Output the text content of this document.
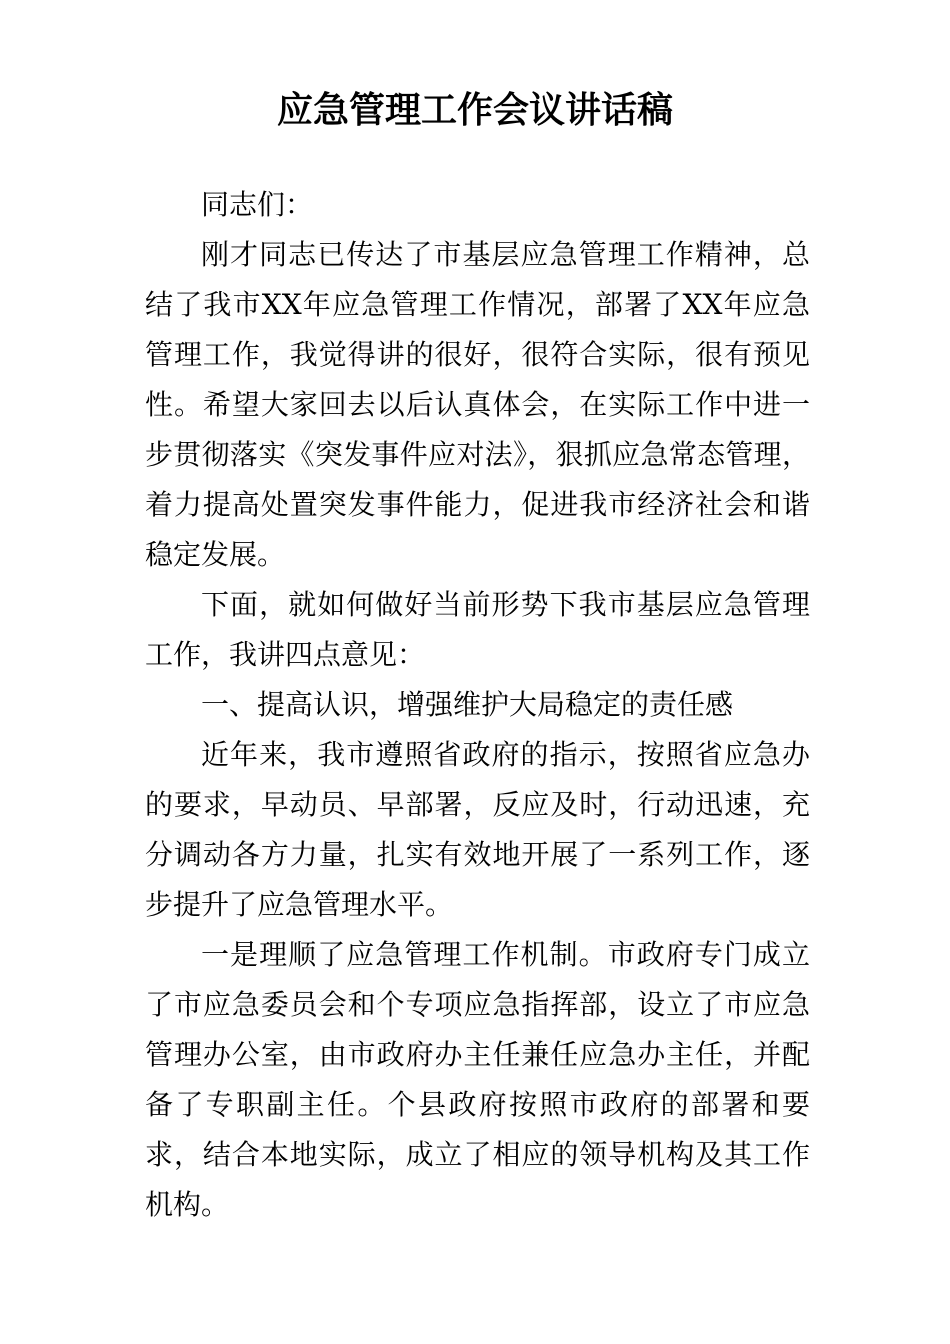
应急管理工作会议讲话稿

同志们：

刚才同志已传达了市基层应急管理工作精神，总结了我市XX年应急管理工作情况，部署了XX年应急管理工作，我觉得讲的很好，很符合实际，很有预见性。希望大家回去以后认真体会，在实际工作中进一步贯彻落实《突发事件应对法》，狠抓应急常态管理，着力提高处置突发事件能力，促进我市经济社会和谐稳定发展。

下面，就如何做好当前形势下我市基层应急管理工作，我讲四点意见：

一、提高认识，增强维护大局稳定的责任感

近年来，我市遵照省政府的指示，按照省应急办的要求，早动员、早部署，反应及时，行动迅速，充分调动各方力量，扎实有效地开展了一系列工作，逐步提升了应急管理水平。

一是理顺了应急管理工作机制。市政府专门成立了市应急委员会和个专项应急指挥部，设立了市应急管理办公室，由市政府办主任兼任应急办主任，并配备了专职副主任。个县政府按照市政府的部署和要求，结合本地实际，成立了相应的领导机构及其工作机构。
